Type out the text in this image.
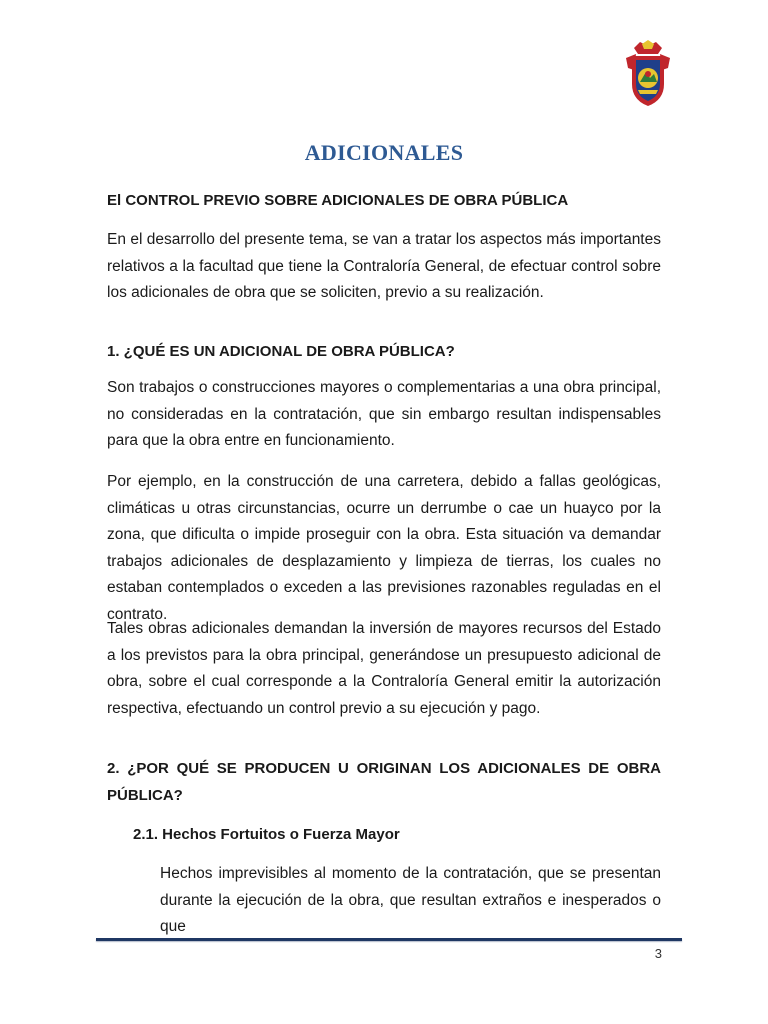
ADICIONALES
El CONTROL PREVIO SOBRE ADICIONALES DE OBRA PÚBLICA
En el desarrollo del presente tema, se van a tratar los aspectos más importantes relativos a la facultad que tiene la Contraloría General, de efectuar control sobre los adicionales de obra que se soliciten, previo a su realización.
1. ¿QUÉ ES UN ADICIONAL DE OBRA PÚBLICA?
Son trabajos o construcciones mayores o complementarias a una obra principal, no consideradas en la contratación, que sin embargo resultan indispensables para que la obra entre en funcionamiento.
Por ejemplo, en la construcción de una carretera, debido a fallas geológicas, climáticas u otras circunstancias, ocurre un derrumbe o cae un huayco por la zona, que dificulta o impide proseguir con la obra. Esta situación va demandar trabajos adicionales de desplazamiento y limpieza de tierras, los cuales no estaban contemplados o exceden a las previsiones razonables reguladas en el contrato.
Tales obras adicionales demandan la inversión de mayores recursos del Estado a los previstos para la obra principal, generándose un presupuesto adicional de obra, sobre el cual corresponde a la Contraloría General emitir la autorización respectiva, efectuando un control previo a su ejecución y pago.
2. ¿POR QUÉ SE PRODUCEN U ORIGINAN LOS ADICIONALES DE OBRA PÚBLICA?
2.1. Hechos Fortuitos o Fuerza Mayor
Hechos imprevisibles al momento de la contratación, que se presentan durante la ejecución de la obra, que resultan extraños e inesperados o que
3
